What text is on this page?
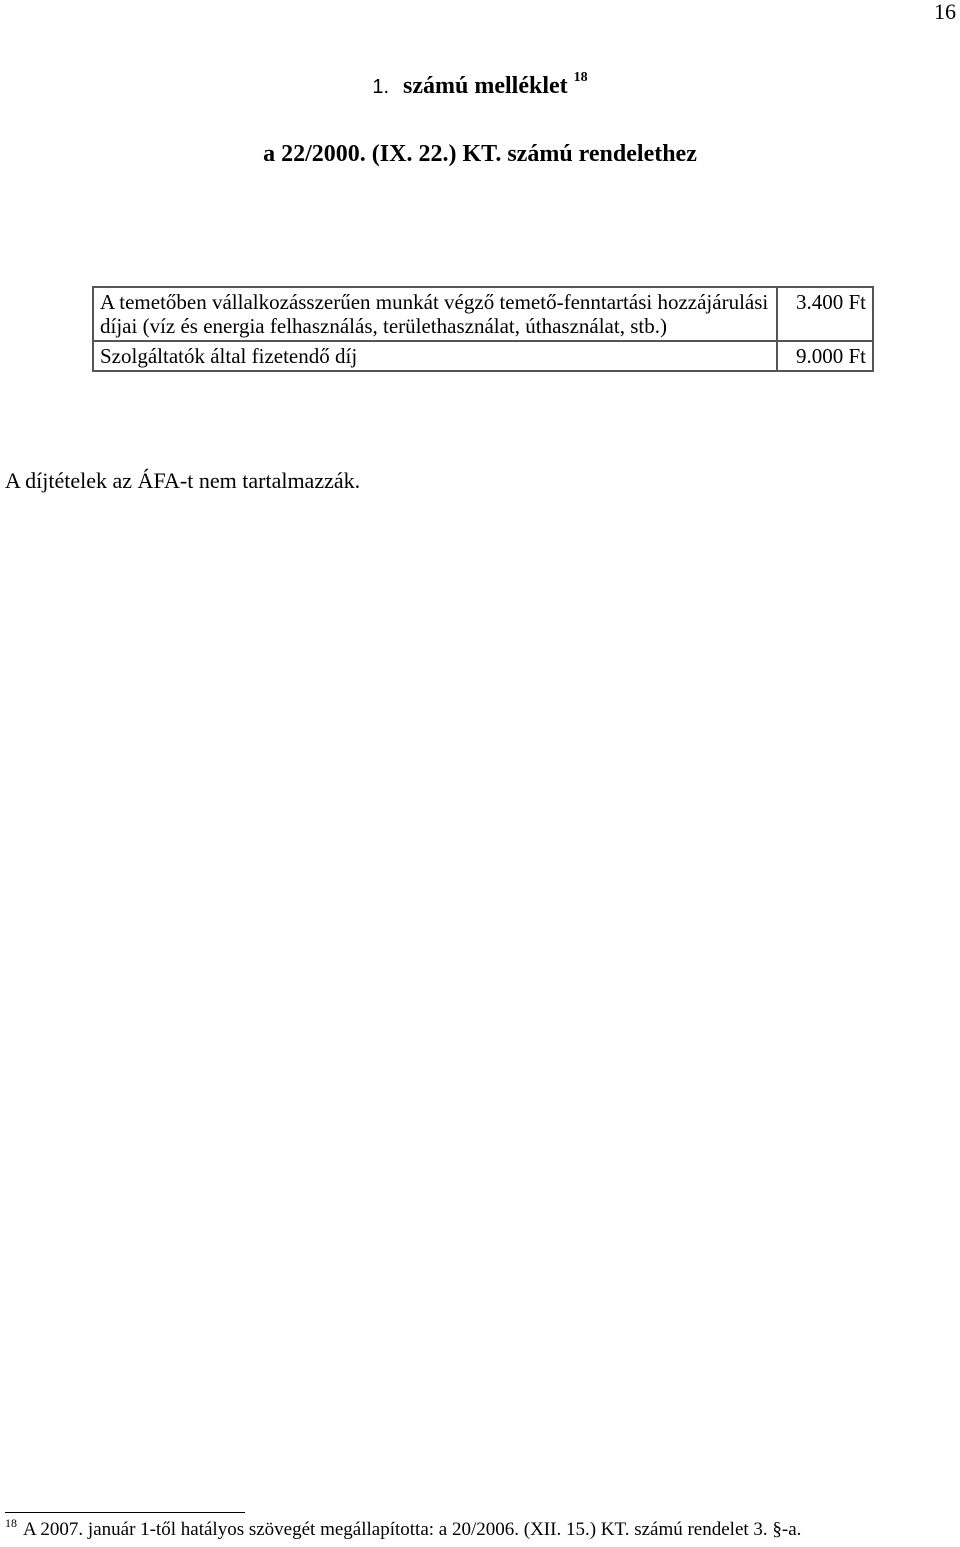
16
1. számú melléklet $^{18}$
a 22/2000. (IX. 22.) KT. számú rendelethez
A temetőben vállalkozásszerűen munkát végző temető-fenntartási hozzájárulási díjai (víz és energia felhasználás, területhasználat, úthasználat, stb.)	3.400 Ft
Szolgáltatók által fizetendő díj	9.000 Ft
A díjtételek az ÁFA-t nem tartalmazzák.
$^{18}$ A 2007. január 1-től hatályos szövegét megállapította: a 20/2006. (XII. 15.) KT. számú rendelet 3. §-a.
